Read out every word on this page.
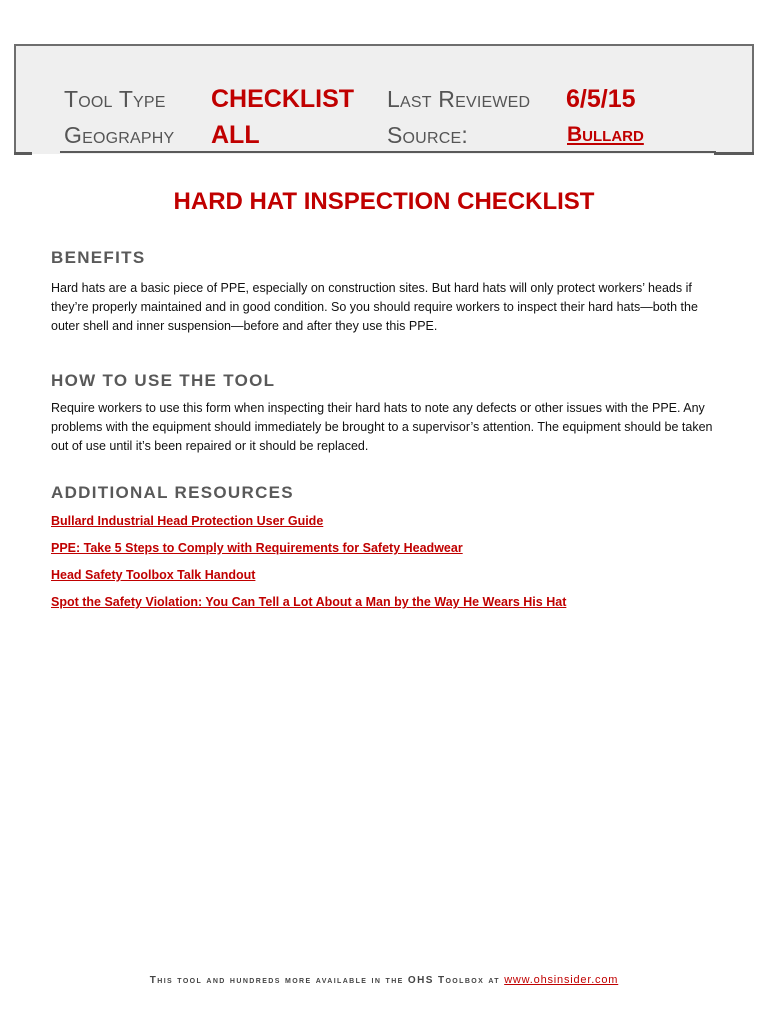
Tool Type CHECKLIST Last Reviewed 6/5/15
Geography ALL	Source:	Bullard
HARD HAT INSPECTION CHECKLIST
BENEFITS
Hard hats are a basic piece of PPE, especially on construction sites. But hard hats will only protect workers’ heads if they’re properly maintained and in good condition. So you should require workers to inspect their hard hats—both the outer shell and inner suspension—before and after they use this PPE.
HOW TO USE THE TOOL
Require workers to use this form when inspecting their hard hats to note any defects or other issues with the PPE. Any problems with the equipment should immediately be brought to a supervisor’s attention. The equipment should be taken out of use until it’s been repaired or it should be replaced.
ADDITIONAL RESOURCES
Bullard Industrial Head Protection User Guide
PPE: Take 5 Steps to Comply with Requirements for Safety Headwear
Head Safety Toolbox Talk Handout
Spot the Safety Violation: You Can Tell a Lot About a Man by the Way He Wears His Hat
This tool and hundreds more available in the OHS Toolbox at www.ohsinsider.com
